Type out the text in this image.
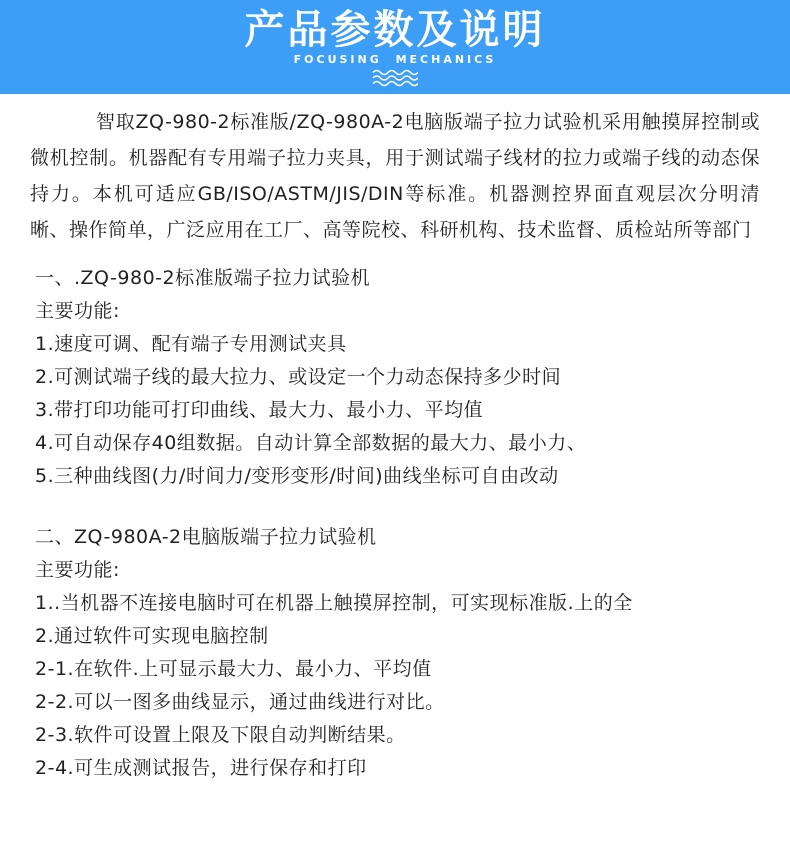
产品参数及说明
FOCUSING MECHANICS

智取ZQ-980-2标准版/ZQ-980A-2电脑版端子拉力试验机采用触摸屏控制或微机控制。机器配有专用端子拉力夹具，用于测试端子线材的拉力或端子线的动态保持力。本机可适应GB/ISO/ASTM/JIS/DIN等标准。机器测控界面直观层次分明清晰、操作简单，广泛应用在工厂、高等院校、科研机构、技术监督、质检站所等部门

一、.ZQ-980-2标准版端子拉力试验机
主要功能:
1.速度可调、配有端子专用测试夹具
2.可测试端子线的最大拉力、或设定一个力动态保持多少时间
3.带打印功能可打印曲线、最大力、最小力、平均值
4.可自动保存40组数据。自动计算全部数据的最大力、最小力、
5.三种曲线图(力/时间力/变形变形/时间)曲线坐标可自由改动
二、ZQ-980A-2电脑版端子拉力试验机
主要功能:
1..当机器不连接电脑时可在机器上触摸屏控制，可实现标准版.上的全
2.通过软件可实现电脑控制
2-1.在软件.上可显示最大力、最小力、平均值
2-2.可以一图多曲线显示，通过曲线进行对比。
2-3.软件可设置上限及下限自动判断结果。
2-4.可生成测试报告，进行保存和打印
